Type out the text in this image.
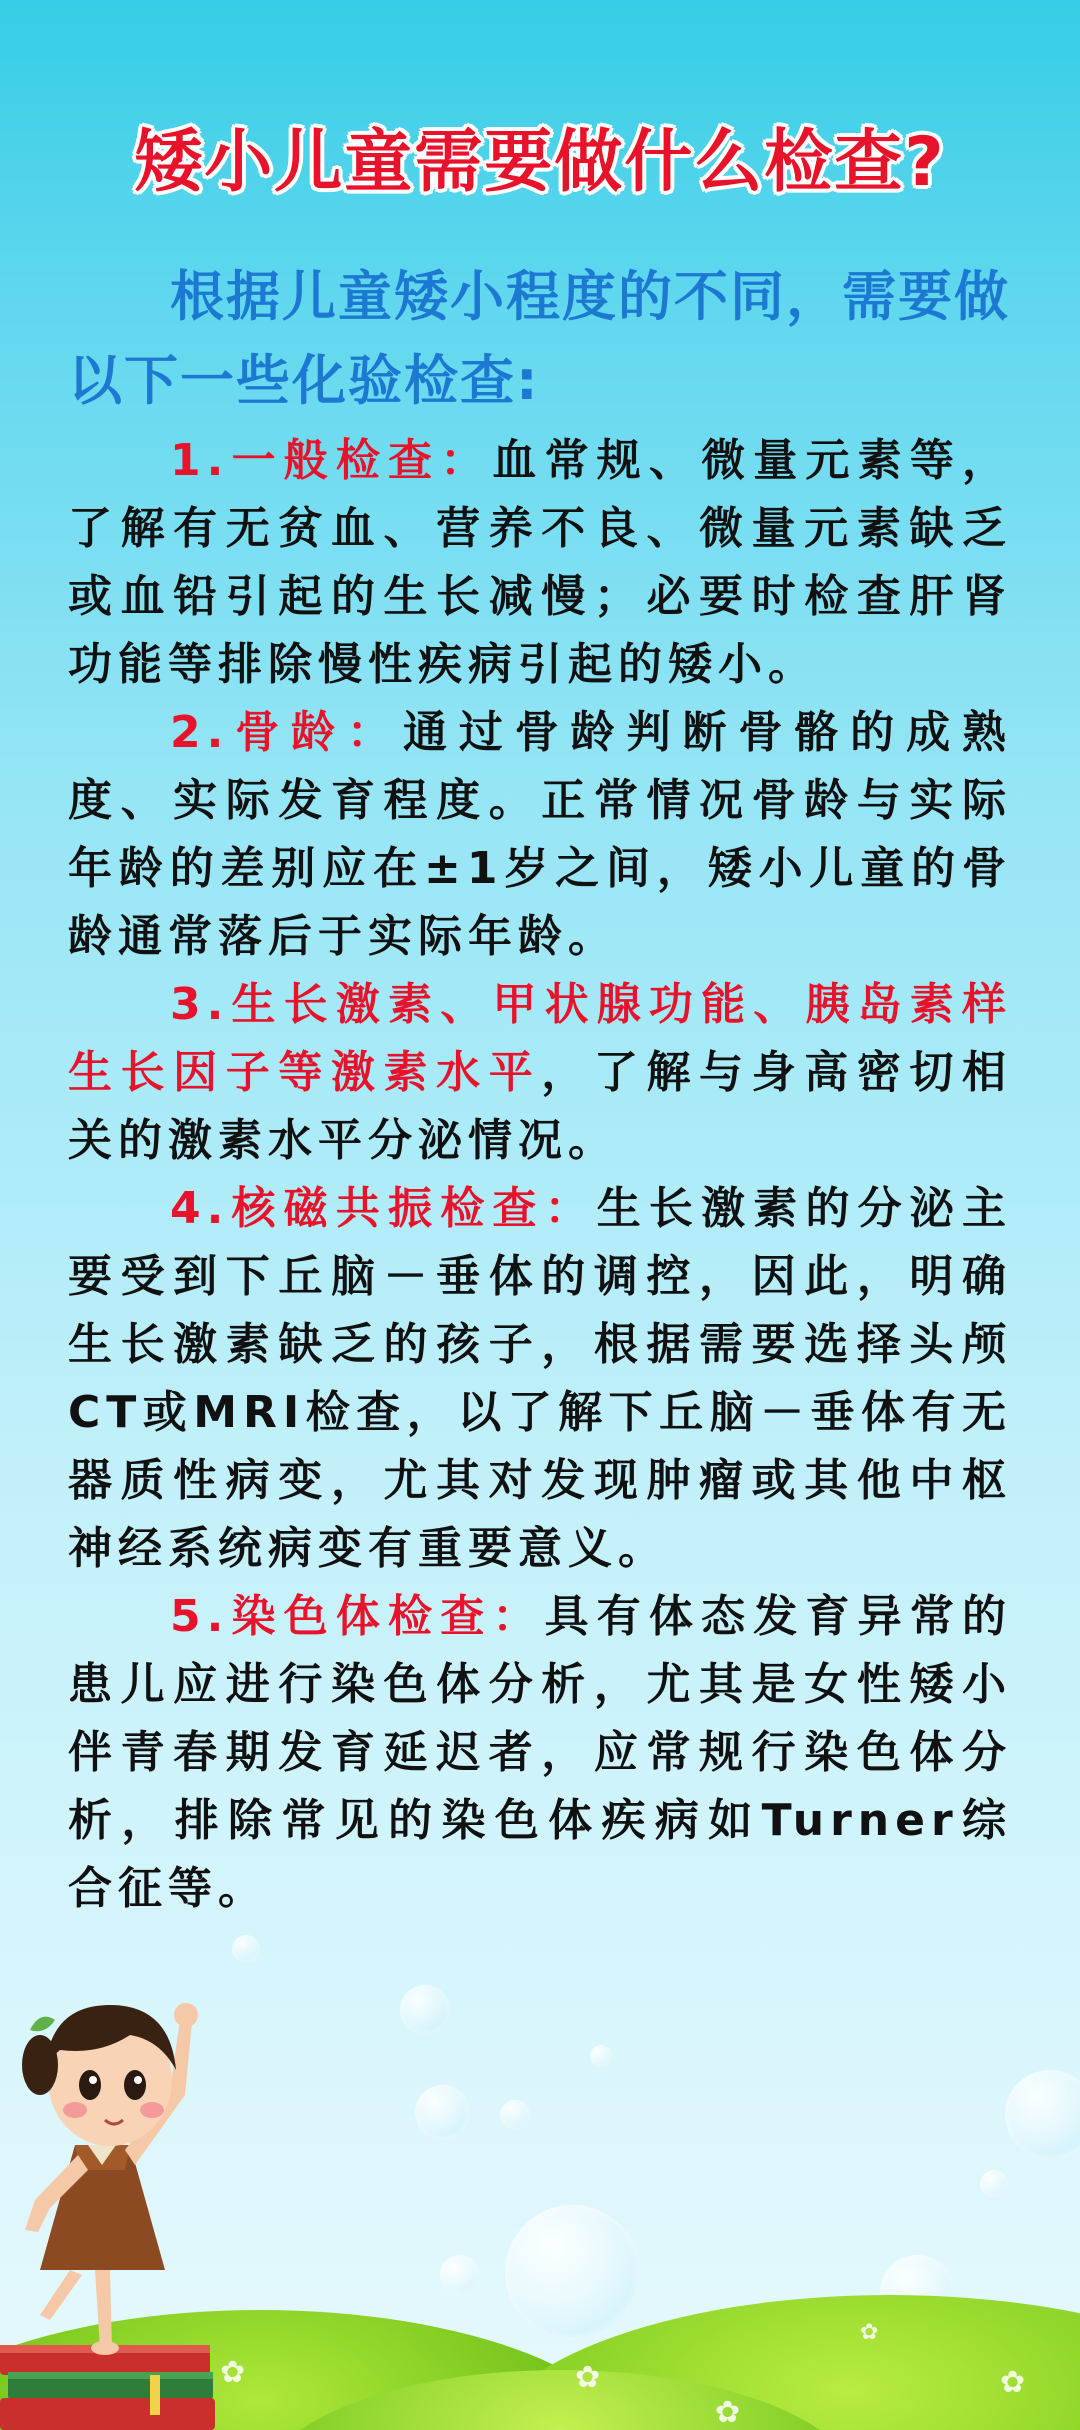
✿	✿
✿
✿
✿
矮小儿童需要做什么检查?
根据儿童矮小程度的不同，需要做以下一些化验检查:
1.一般检查：血常规、微量元素等，了解有无贫血、营养不良、微量元素缺乏或血铅引起的生长减慢；必要时检查肝肾功能等排除慢性疾病引起的矮小。
2.骨龄：通过骨龄判断骨骼的成熟度、实际发育程度。正常情况骨龄与实际年龄的差别应在±1岁之间，矮小儿童的骨龄通常落后于实际年龄。
3.生长激素、甲状腺功能、胰岛素样生长因子等激素水平，了解与身高密切相关的激素水平分泌情况。
4.核磁共振检查：生长激素的分泌主要受到下丘脑－垂体的调控，因此，明确生长激素缺乏的孩子，根据需要选择头颅CT或MRI检查，以了解下丘脑－垂体有无器质性病变，尤其对发现肿瘤或其他中枢神经系统病变有重要意义。
5.染色体检查：具有体态发育异常的患儿应进行染色体分析，尤其是女性矮小伴青春期发育延迟者，应常规行染色体分析，排除常见的染色体疾病如Turner综合征等。
